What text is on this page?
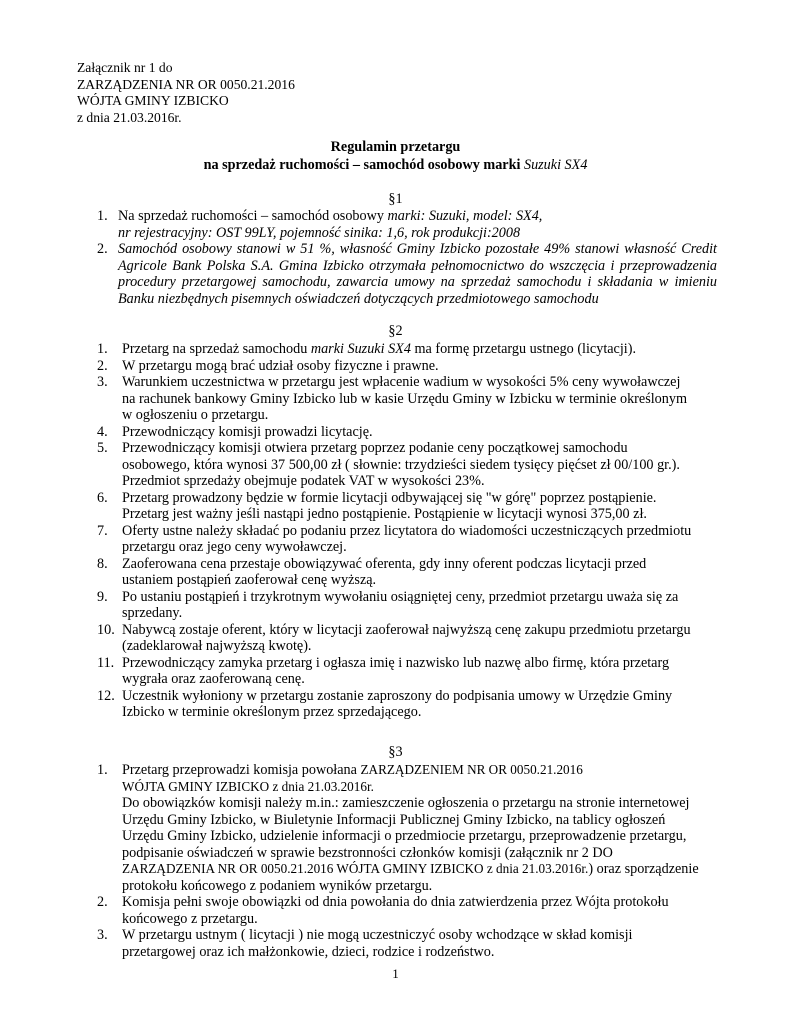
Załącznik nr 1 do
ZARZĄDZENIA NR OR 0050.21.2016
WÓJTA GMINY IZBICKO
z dnia 21.03.2016r.
Regulamin przetargu
na sprzedaż ruchomości – samochód osobowy marki Suzuki SX4
§1
1. Na sprzedaż ruchomości – samochód osobowy marki: Suzuki, model: SX4,
nr rejestracyjny: OST 99LY, pojemność sinika: 1,6, rok produkcji:2008
2. Samochód osobowy stanowi w 51 %, własność Gminy Izbicko pozostałe 49% stanowi własność Credit Agricole Bank Polska S.A. Gmina Izbicko otrzymała pełnomocnictwo do wszczęcia i przeprowadzenia procedury przetargowej samochodu, zawarcia umowy na sprzedaż samochodu i składania w imieniu Banku niezbędnych pisemnych oświadczeń dotyczących przedmiotowego samochodu
§2
1. Przetarg na sprzedaż samochodu marki Suzuki SX4 ma formę przetargu ustnego (licytacji).
2. W przetargu mogą brać udział osoby fizyczne i prawne.
3. Warunkiem uczestnictwa w przetargu jest wpłacenie wadium w wysokości 5% ceny wywoławczej
na rachunek bankowy Gminy Izbicko lub w kasie Urzędu Gminy w Izbicku w terminie określonym
w ogłoszeniu o przetargu.
4. Przewodniczący komisji prowadzi licytację.
5. Przewodniczący komisji otwiera przetarg poprzez podanie ceny początkowej samochodu
osobowego, która wynosi 37 500,00 zł ( słownie: trzydzieści siedem tysięcy pięćset zł 00/100 gr.).
Przedmiot sprzedaży obejmuje podatek VAT w wysokości 23%.
6. Przetarg prowadzony będzie w formie licytacji odbywającej się "w górę" poprzez postąpienie.
Przetarg jest ważny jeśli nastąpi jedno postąpienie. Postąpienie w licytacji wynosi 375,00 zł.
7. Oferty ustne należy składać po podaniu przez licytatora do wiadomości uczestniczących przedmiotu
przetargu oraz jego ceny wywoławczej.
8. Zaoferowana cena przestaje obowiązywać oferenta, gdy inny oferent podczas licytacji przed
ustaniem postąpień zaoferował cenę wyższą.
9. Po ustaniu postąpień i trzykrotnym wywołaniu osiągniętej ceny, przedmiot przetargu uważa się za
sprzedany.
10. Nabywcą zostaje oferent, który w licytacji zaoferował najwyższą cenę zakupu przedmiotu przetargu
(zadeklarował najwyższą kwotę).
11. Przewodniczący zamyka przetarg i ogłasza imię i nazwisko lub nazwę albo firmę, która przetarg
wygrała oraz zaoferowaną cenę.
12. Uczestnik wyłoniony w przetargu zostanie zaproszony do podpisania umowy w Urzędzie Gminy
Izbicko w terminie określonym przez sprzedającego.
§3
1. Przetarg przeprowadzi komisja powołana ZARZĄDZENIEM NR OR 0050.21.2016
WÓJTA GMINY IZBICKO z dnia 21.03.2016r.
Do obowiązków komisji należy m.in.: zamieszczenie ogłoszenia o przetargu na stronie internetowej
Urzędu Gminy Izbicko, w Biuletynie Informacji Publicznej Gminy Izbicko, na tablicy ogłoszeń
Urzędu Gminy Izbicko, udzielenie informacji o przedmiocie przetargu, przeprowadzenie przetargu,
podpisanie oświadczeń w sprawie bezstronności członków komisji (załącznik nr 2 DO
ZARZĄDZENIA NR OR 0050.21.2016 WÓJTA GMINY IZBICKO z dnia 21.03.2016r.) oraz sporządzenie
protokołu końcowego z podaniem wyników przetargu.
2. Komisja pełni swoje obowiązki od dnia powołania do dnia zatwierdzenia przez Wójta protokołu
końcowego z przetargu.
3. W przetargu ustnym ( licytacji ) nie mogą uczestniczyć osoby wchodzące w skład komisji
przetargowej oraz ich małżonkowie, dzieci, rodzice i rodzeństwo.
1
